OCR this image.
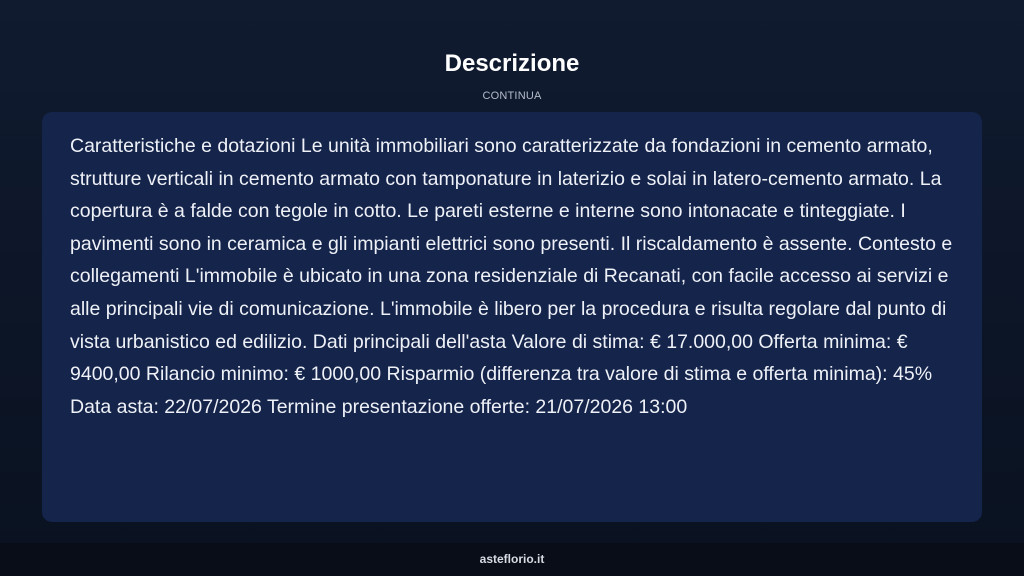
Descrizione
CONTINUA

Caratteristiche e dotazioni Le unità immobiliari sono caratterizzate da fondazioni in cemento armato, strutture verticali in cemento armato con tamponature in laterizio e solai in latero-cemento armato. La copertura è a falde con tegole in cotto. Le pareti esterne e interne sono intonacate e tinteggiate. I pavimenti sono in ceramica e gli impianti elettrici sono presenti. Il riscaldamento è assente. Contesto e collegamenti L'immobile è ubicato in una zona residenziale di Recanati, con facile accesso ai servizi e alle principali vie di comunicazione. L'immobile è libero per la procedura e risulta regolare dal punto di vista urbanistico ed edilizio. Dati principali dell'asta Valore di stima: € 17.000,00 Offerta minima: € 9400,00 Rilancio minimo: € 1000,00 Risparmio (differenza tra valore di stima e offerta minima): 45% Data asta: 22/07/2026 Termine presentazione offerte: 21/07/2026 13:00

asteflorio.it
